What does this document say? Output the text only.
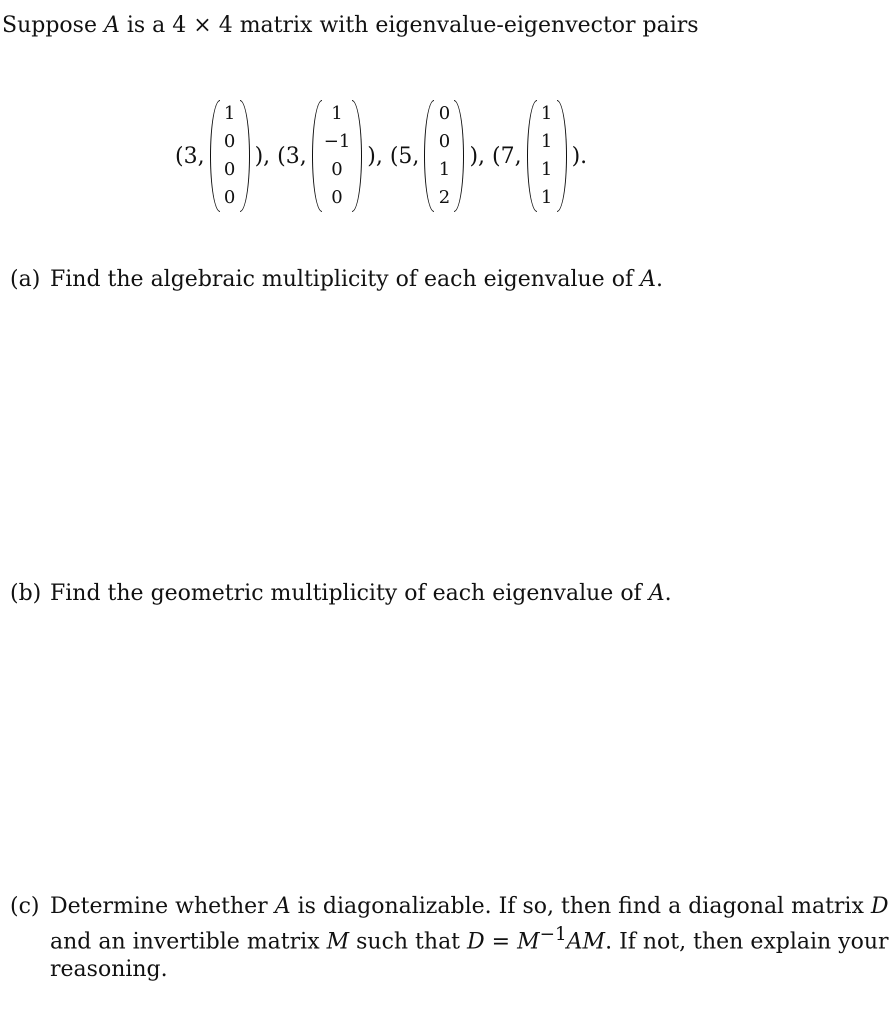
Suppose A is a 4 × 4 matrix with eigenvalue-eigenvector pairs
(3,
1
0
0
0
), (3,
1
−1
0
0
), (5,
0
0
1
2
), (7,
1
1
1
1
).
(a) Find the algebraic multiplicity of each eigenvalue of A.
(b) Find the geometric multiplicity of each eigenvalue of A.
(c) Determine whether A is diagonalizable. If so, then find a diagonal matrix D
and an invertible matrix M such that $D = M^{-1}AM$. If not, then explain your
reasoning.
